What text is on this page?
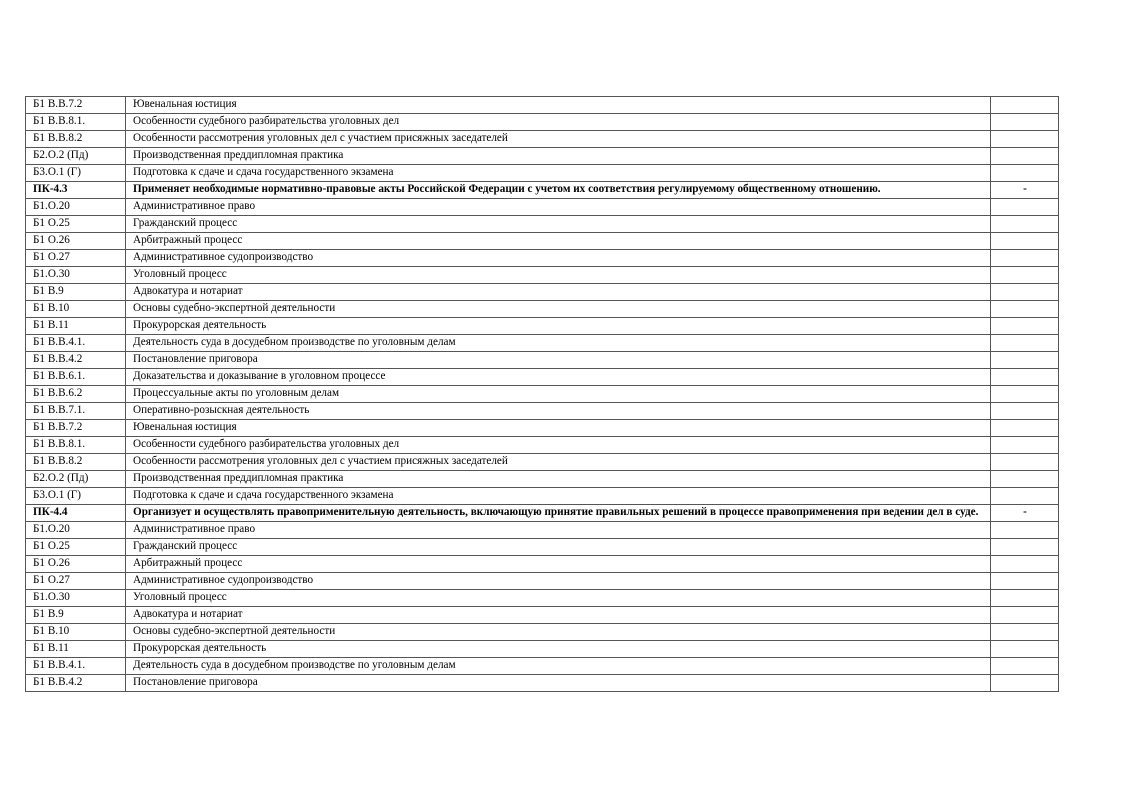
Б1 В.В.7.2	Ювенальная юстиция	
Б1 В.В.8.1.	Особенности судебного разбирательства уголовных дел	
Б1 В.В.8.2	Особенности рассмотрения уголовных дел с участием присяжных заседателей	
Б2.О.2 (Пд)	Производственная преддипломная практика	
Б3.О.1 (Г)	Подготовка к сдаче и сдача государственного экзамена	
ПК-4.3	Применяет необходимые нормативно-правовые акты Российской Федерации с учетом их соответствия регулируемому общественному отношению.	-
Б1.О.20	Административное право	
Б1 О.25	Гражданский процесс	
Б1 О.26	Арбитражный процесс	
Б1 О.27	Административное судопроизводство	
Б1.О.30	Уголовный процесс	
Б1 В.9	Адвокатура и нотариат	
Б1 В.10	Основы судебно-экспертной деятельности	
Б1 В.11	Прокурорская деятельность	
Б1 В.В.4.1.	Деятельность суда в досудебном производстве по уголовным делам	
Б1 В.В.4.2	Постановление приговора	
Б1 В.В.6.1.	Доказательства и доказывание в уголовном процессе	
Б1 В.В.6.2	Процессуальные акты по уголовным делам	
Б1 В.В.7.1.	Оперативно-розыскная деятельность	
Б1 В.В.7.2	Ювенальная юстиция	
Б1 В.В.8.1.	Особенности судебного разбирательства уголовных дел	
Б1 В.В.8.2	Особенности рассмотрения уголовных дел с участием присяжных заседателей	
Б2.О.2 (Пд)	Производственная преддипломная практика	
Б3.О.1 (Г)	Подготовка к сдаче и сдача государственного экзамена	
ПК-4.4	Организует и осуществлять правоприменительную деятельность, включающую принятие правильных решений в процессе правоприменения при ведении дел в суде.	-
Б1.О.20	Административное право	
Б1 О.25	Гражданский процесс	
Б1 О.26	Арбитражный процесс	
Б1 О.27	Административное судопроизводство	
Б1.О.30	Уголовный процесс	
Б1 В.9	Адвокатура и нотариат	
Б1 В.10	Основы судебно-экспертной деятельности	
Б1 В.11	Прокурорская деятельность	
Б1 В.В.4.1.	Деятельность суда в досудебном производстве по уголовным делам	
Б1 В.В.4.2	Постановление приговора	
